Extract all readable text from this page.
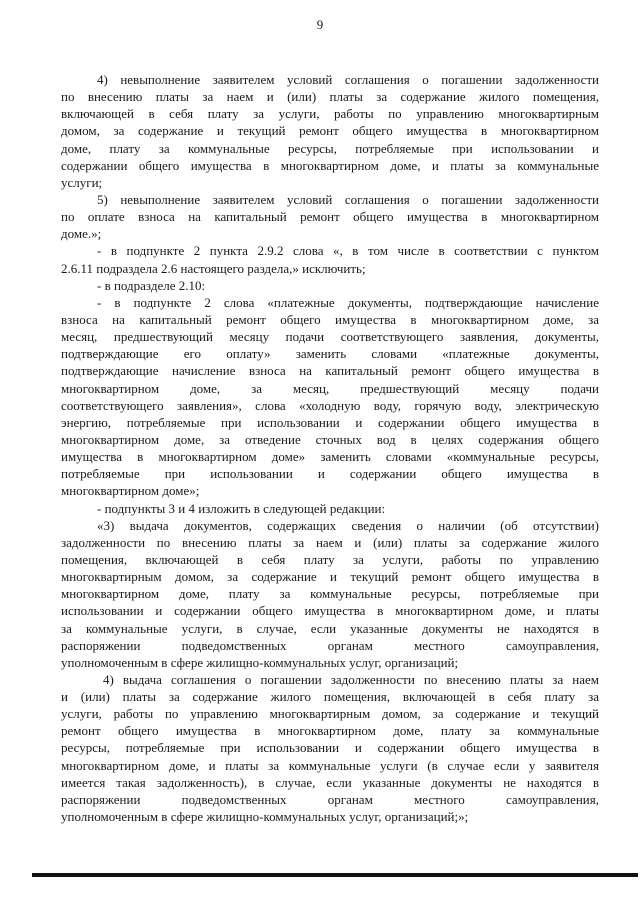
9
4) невыполнение заявителем условий соглашения о погашении задолженности
по внесению платы за наем и (или) платы за содержание жилого помещения,
включающей в себя плату за услуги, работы по управлению многоквартирным
домом, за содержание и текущий ремонт общего имущества в многоквартирном
доме, плату за коммунальные ресурсы, потребляемые при использовании и
содержании общего имущества в многоквартирном доме, и платы за коммунальные
услуги;
5) невыполнение заявителем условий соглашения о погашении задолженности
по оплате взноса на капитальный ремонт общего имущества в многоквартирном
доме.»;
- в подпункте 2 пункта 2.9.2 слова «, в том числе в соответствии с пунктом
2.6.11 подраздела 2.6 настоящего раздела,» исключить;
- в подразделе 2.10:
- в подпункте 2 слова «платежные документы, подтверждающие начисление
взноса на капитальный ремонт общего имущества в многоквартирном доме, за
месяц, предшествующий месяцу подачи соответствующего заявления, документы,
подтверждающие его оплату» заменить словами «платежные документы,
подтверждающие начисление взноса на капитальный ремонт общего имущества в
многоквартирном доме, за месяц, предшествующий месяцу подачи
соответствующего заявления», слова «холодную воду, горячую воду, электрическую
энергию, потребляемые при использовании и содержании общего имущества в
многоквартирном доме, за отведение сточных вод в целях содержания общего
имущества в многоквартирном доме» заменить словами «коммунальные ресурсы,
потребляемые при использовании и содержании общего имущества в
многоквартирном доме»;
- подпункты 3 и 4 изложить в следующей редакции:
«3) выдача документов, содержащих сведения о наличии (об отсутствии)
задолженности по внесению платы за наем и (или) платы за содержание жилого
помещения, включающей в себя плату за услуги, работы по управлению
многоквартирным домом, за содержание и текущий ремонт общего имущества в
многоквартирном доме, плату за коммунальные ресурсы, потребляемые при
использовании и содержании общего имущества в многоквартирном доме, и платы
за коммунальные услуги, в случае, если указанные документы не находятся в
распоряжении подведомственных органам местного самоуправления,
уполномоченным в сфере жилищно-коммунальных услуг, организаций;
4) выдача соглашения о погашении задолженности по внесению платы за наем
и (или) платы за содержание жилого помещения, включающей в себя плату за
услуги, работы по управлению многоквартирным домом, за содержание и текущий
ремонт общего имущества в многоквартирном доме, плату за коммунальные
ресурсы, потребляемые при использовании и содержании общего имущества в
многоквартирном доме, и платы за коммунальные услуги (в случае если у заявителя
имеется такая задолженность), в случае, если указанные документы не находятся в
распоряжении подведомственных органам местного самоуправления,
уполномоченным в сфере жилищно-коммунальных услуг, организаций;»;
